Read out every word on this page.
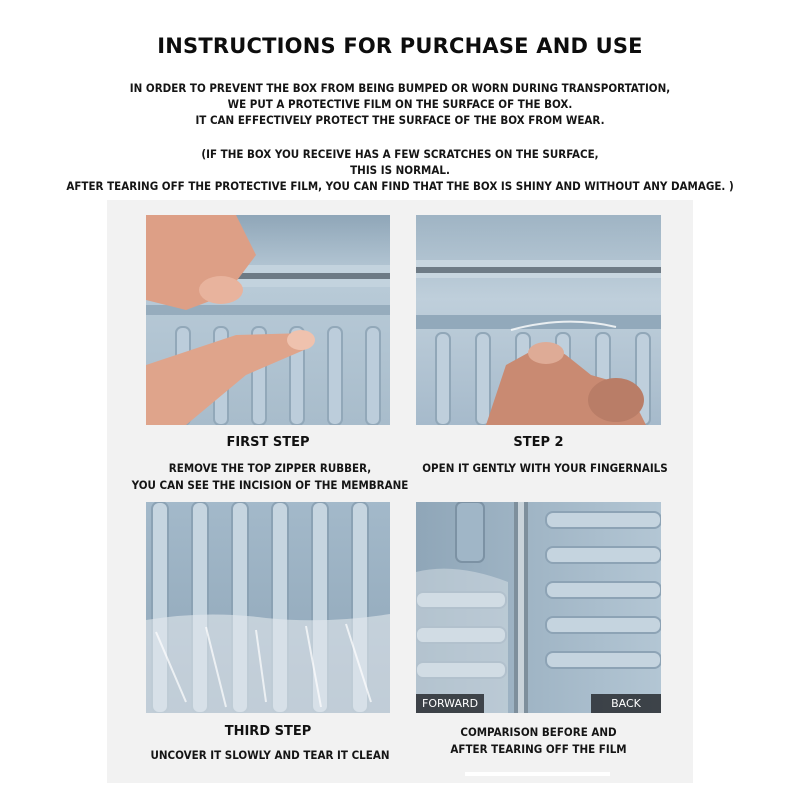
INSTRUCTIONS FOR PURCHASE AND USE
IN ORDER TO PREVENT THE BOX FROM BEING BUMPED OR WORN DURING TRANSPORTATION,
WE PUT A PROTECTIVE FILM ON THE SURFACE OF THE BOX.
IT CAN EFFECTIVELY PROTECT THE SURFACE OF THE BOX FROM WEAR.
(IF THE BOX YOU RECEIVE HAS A FEW SCRATCHES ON THE SURFACE,
THIS IS NORMAL.
AFTER TEARING OFF THE PROTECTIVE FILM, YOU CAN FIND THAT THE BOX IS SHINY AND WITHOUT ANY DAMAGE. )
FORWARD	BACK
FIRST STEP
REMOVE THE TOP ZIPPER RUBBER,
YOU CAN SEE THE INCISION OF THE MEMBRANE
STEP 2
OPEN IT GENTLY WITH YOUR FINGERNAILS
THIRD STEP
UNCOVER IT SLOWLY AND TEAR IT CLEAN
COMPARISON BEFORE AND
AFTER TEARING OFF THE FILM
